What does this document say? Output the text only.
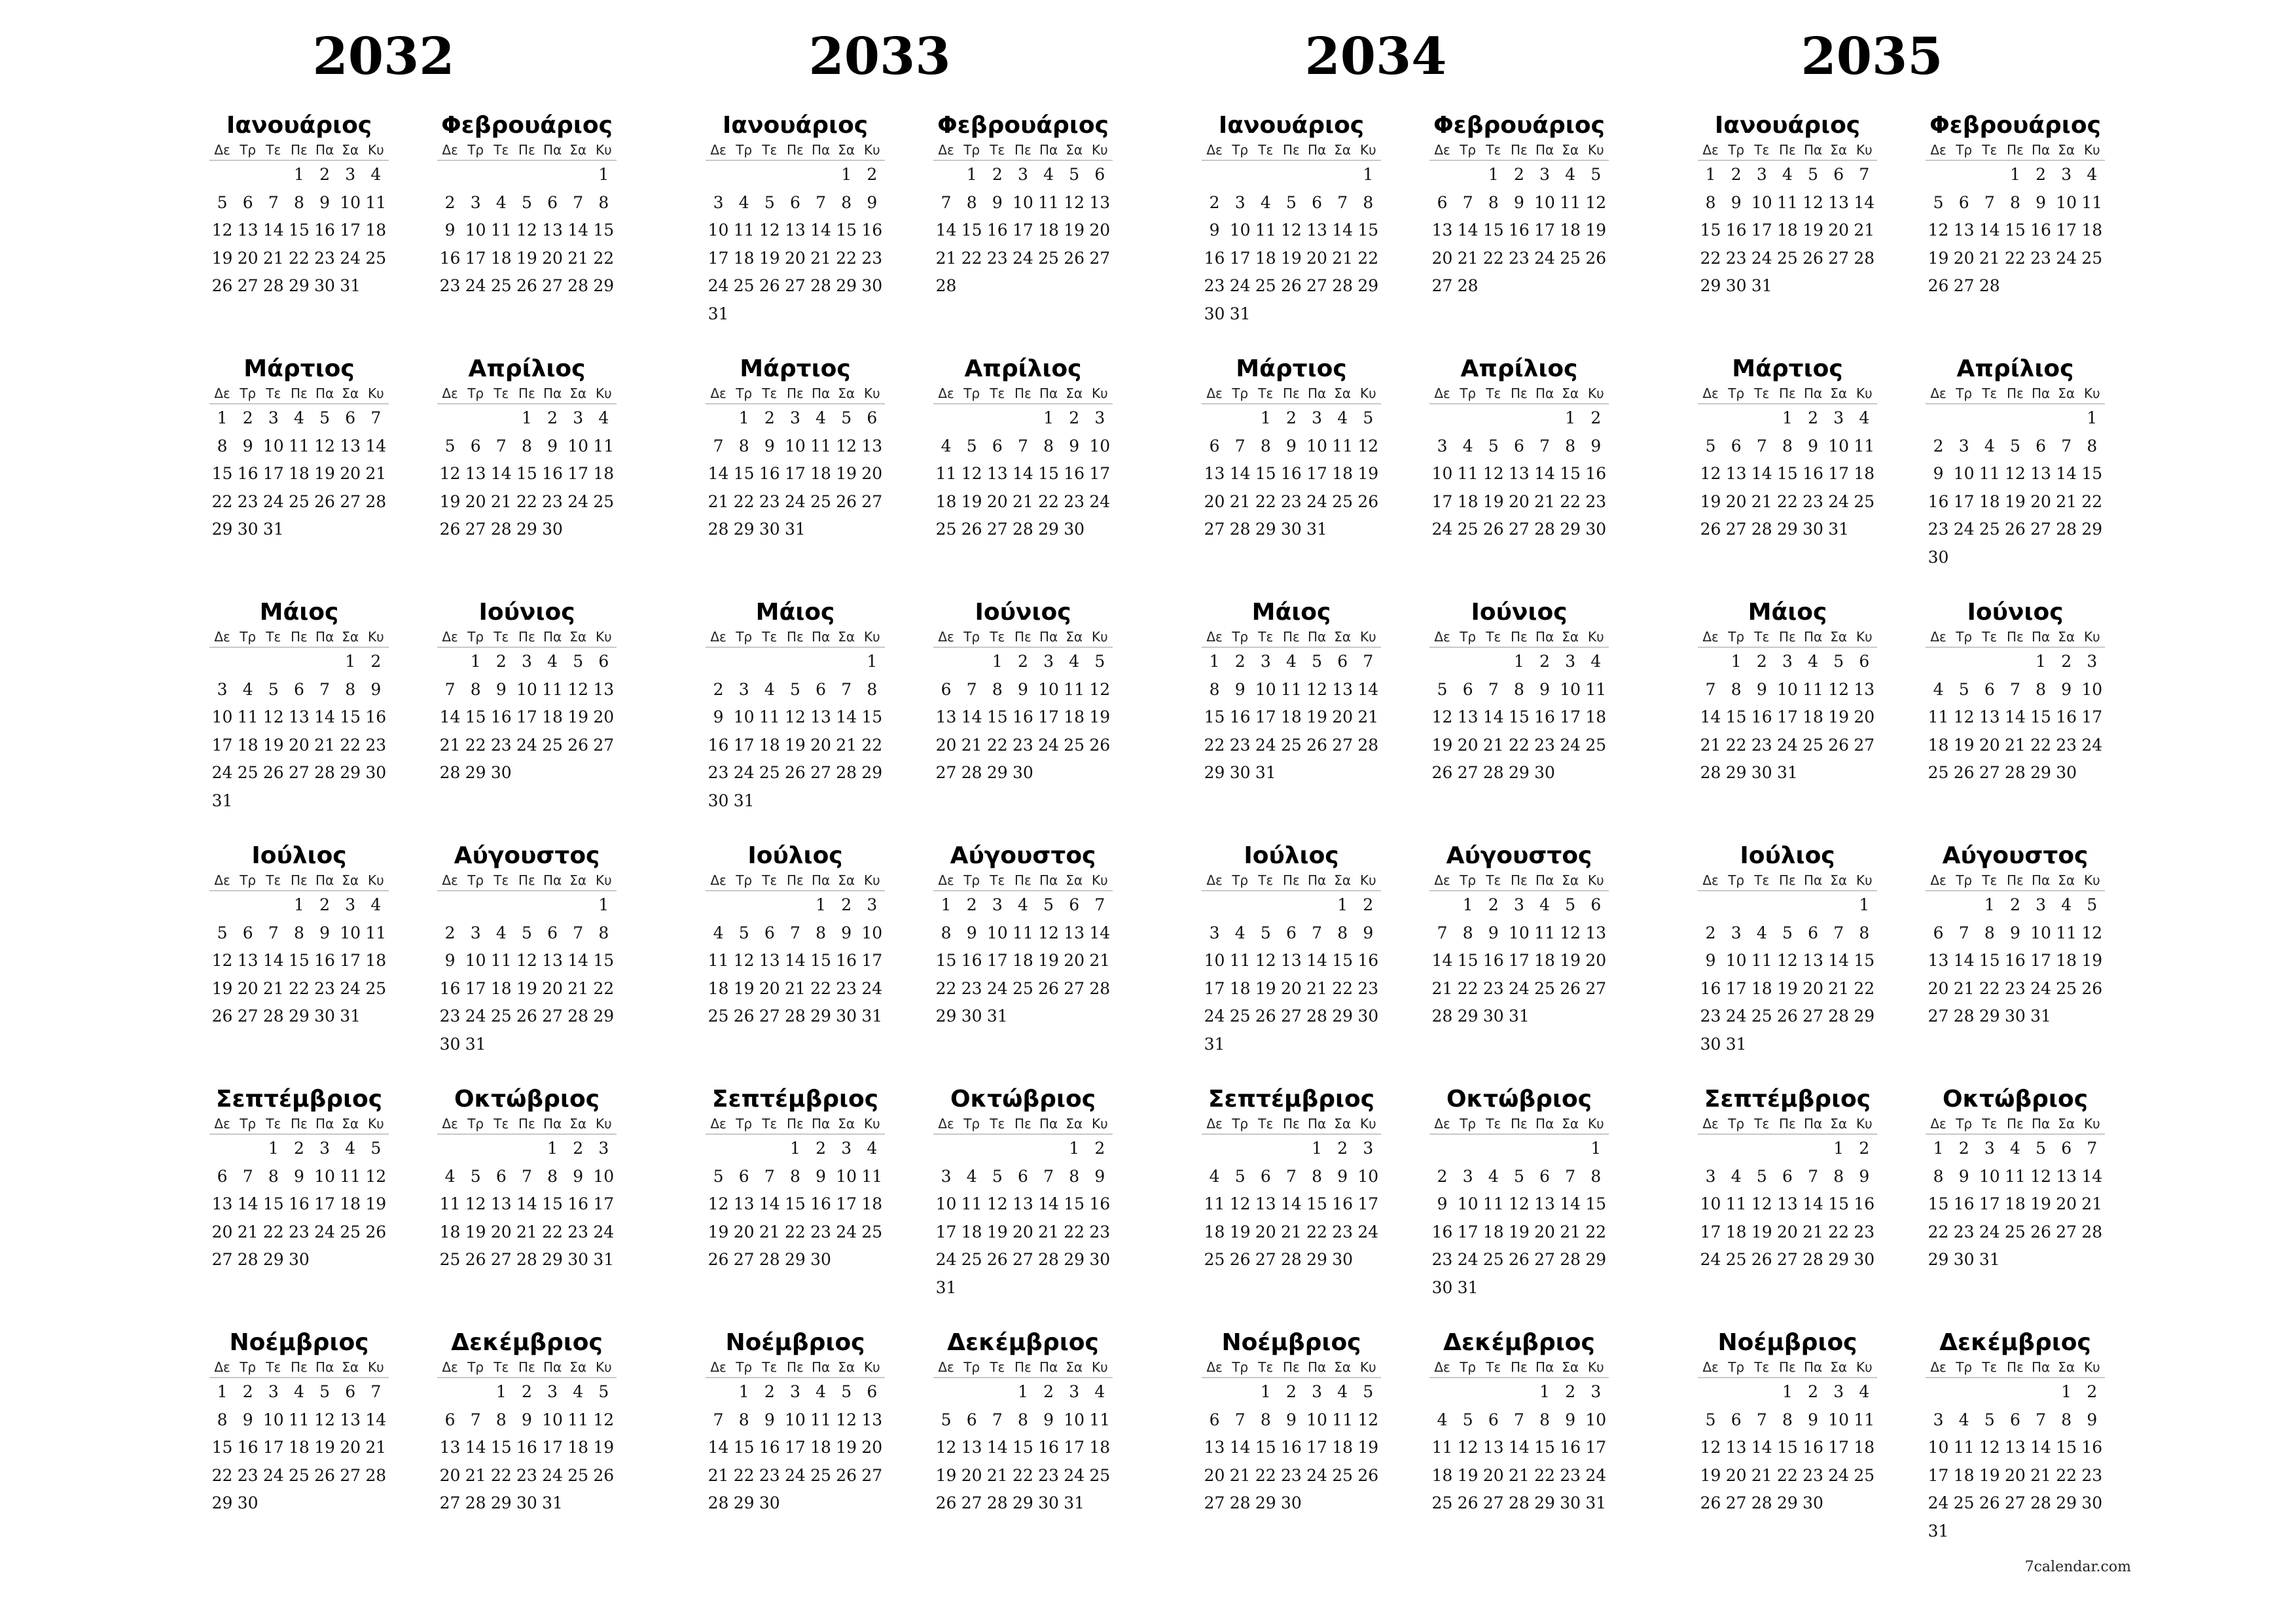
2032
Ιανουάριος
Δε Τρ Τε Πε Πα Σα Κυ
1 2 3 4
5 6 7 8 9 10 11
12 13 14 15 16 17 18
19 20 21 22 23 24 25
26 27 28 29 30 31
Φεβρουάριος
Δε Τρ Τε Πε Πα Σα Κυ
1
2 3 4 5 6 7 8
9 10 11 12 13 14 15
16 17 18 19 20 21 22
23 24 25 26 27 28 29
Μάρτιος
Δε Τρ Τε Πε Πα Σα Κυ
1 2 3 4 5 6 7
8 9 10 11 12 13 14
15 16 17 18 19 20 21
22 23 24 25 26 27 28
29 30 31
Απρίλιος
Δε Τρ Τε Πε Πα Σα Κυ
1 2 3 4
5 6 7 8 9 10 11
12 13 14 15 16 17 18
19 20 21 22 23 24 25
26 27 28 29 30
Μάιος
Δε Τρ Τε Πε Πα Σα Κυ
1 2
3 4 5 6 7 8 9
10 11 12 13 14 15 16
17 18 19 20 21 22 23
24 25 26 27 28 29 30
31
Ιούνιος
Δε Τρ Τε Πε Πα Σα Κυ
1 2 3 4 5 6
7 8 9 10 11 12 13
14 15 16 17 18 19 20
21 22 23 24 25 26 27
28 29 30
Ιούλιος
Δε Τρ Τε Πε Πα Σα Κυ
1 2 3 4
5 6 7 8 9 10 11
12 13 14 15 16 17 18
19 20 21 22 23 24 25
26 27 28 29 30 31
Αύγουστος
Δε Τρ Τε Πε Πα Σα Κυ
1
2 3 4 5 6 7 8
9 10 11 12 13 14 15
16 17 18 19 20 21 22
23 24 25 26 27 28 29
30 31
Σεπτέμβριος
Δε Τρ Τε Πε Πα Σα Κυ
1 2 3 4 5
6 7 8 9 10 11 12
13 14 15 16 17 18 19
20 21 22 23 24 25 26
27 28 29 30
Οκτώβριος
Δε Τρ Τε Πε Πα Σα Κυ
1 2 3
4 5 6 7 8 9 10
11 12 13 14 15 16 17
18 19 20 21 22 23 24
25 26 27 28 29 30 31
Νοέμβριος
Δε Τρ Τε Πε Πα Σα Κυ
1 2 3 4 5 6 7
8 9 10 11 12 13 14
15 16 17 18 19 20 21
22 23 24 25 26 27 28
29 30
Δεκέμβριος
Δε Τρ Τε Πε Πα Σα Κυ
1 2 3 4 5
6 7 8 9 10 11 12
13 14 15 16 17 18 19
20 21 22 23 24 25 26
27 28 29 30 31
2033
Ιανουάριος
Δε Τρ Τε Πε Πα Σα Κυ
1 2
3 4 5 6 7 8 9
10 11 12 13 14 15 16
17 18 19 20 21 22 23
24 25 26 27 28 29 30
31
Φεβρουάριος
Δε Τρ Τε Πε Πα Σα Κυ
1 2 3 4 5 6
7 8 9 10 11 12 13
14 15 16 17 18 19 20
21 22 23 24 25 26 27
28
Μάρτιος
Δε Τρ Τε Πε Πα Σα Κυ
1 2 3 4 5 6
7 8 9 10 11 12 13
14 15 16 17 18 19 20
21 22 23 24 25 26 27
28 29 30 31
Απρίλιος
Δε Τρ Τε Πε Πα Σα Κυ
1 2 3
4 5 6 7 8 9 10
11 12 13 14 15 16 17
18 19 20 21 22 23 24
25 26 27 28 29 30
Μάιος
Δε Τρ Τε Πε Πα Σα Κυ
1
2 3 4 5 6 7 8
9 10 11 12 13 14 15
16 17 18 19 20 21 22
23 24 25 26 27 28 29
30 31
Ιούνιος
Δε Τρ Τε Πε Πα Σα Κυ
1 2 3 4 5
6 7 8 9 10 11 12
13 14 15 16 17 18 19
20 21 22 23 24 25 26
27 28 29 30
Ιούλιος
Δε Τρ Τε Πε Πα Σα Κυ
1 2 3
4 5 6 7 8 9 10
11 12 13 14 15 16 17
18 19 20 21 22 23 24
25 26 27 28 29 30 31
Αύγουστος
Δε Τρ Τε Πε Πα Σα Κυ
1 2 3 4 5 6 7
8 9 10 11 12 13 14
15 16 17 18 19 20 21
22 23 24 25 26 27 28
29 30 31
Σεπτέμβριος
Δε Τρ Τε Πε Πα Σα Κυ
1 2 3 4
5 6 7 8 9 10 11
12 13 14 15 16 17 18
19 20 21 22 23 24 25
26 27 28 29 30
Οκτώβριος
Δε Τρ Τε Πε Πα Σα Κυ
1 2
3 4 5 6 7 8 9
10 11 12 13 14 15 16
17 18 19 20 21 22 23
24 25 26 27 28 29 30
31
Νοέμβριος
Δε Τρ Τε Πε Πα Σα Κυ
1 2 3 4 5 6
7 8 9 10 11 12 13
14 15 16 17 18 19 20
21 22 23 24 25 26 27
28 29 30
Δεκέμβριος
Δε Τρ Τε Πε Πα Σα Κυ
1 2 3 4
5 6 7 8 9 10 11
12 13 14 15 16 17 18
19 20 21 22 23 24 25
26 27 28 29 30 31
2034
Ιανουάριος
Δε Τρ Τε Πε Πα Σα Κυ
1
2 3 4 5 6 7 8
9 10 11 12 13 14 15
16 17 18 19 20 21 22
23 24 25 26 27 28 29
30 31
Φεβρουάριος
Δε Τρ Τε Πε Πα Σα Κυ
1 2 3 4 5
6 7 8 9 10 11 12
13 14 15 16 17 18 19
20 21 22 23 24 25 26
27 28
Μάρτιος
Δε Τρ Τε Πε Πα Σα Κυ
1 2 3 4 5
6 7 8 9 10 11 12
13 14 15 16 17 18 19
20 21 22 23 24 25 26
27 28 29 30 31
Απρίλιος
Δε Τρ Τε Πε Πα Σα Κυ
1 2
3 4 5 6 7 8 9
10 11 12 13 14 15 16
17 18 19 20 21 22 23
24 25 26 27 28 29 30
Μάιος
Δε Τρ Τε Πε Πα Σα Κυ
1 2 3 4 5 6 7
8 9 10 11 12 13 14
15 16 17 18 19 20 21
22 23 24 25 26 27 28
29 30 31
Ιούνιος
Δε Τρ Τε Πε Πα Σα Κυ
1 2 3 4
5 6 7 8 9 10 11
12 13 14 15 16 17 18
19 20 21 22 23 24 25
26 27 28 29 30
Ιούλιος
Δε Τρ Τε Πε Πα Σα Κυ
1 2
3 4 5 6 7 8 9
10 11 12 13 14 15 16
17 18 19 20 21 22 23
24 25 26 27 28 29 30
31
Αύγουστος
Δε Τρ Τε Πε Πα Σα Κυ
1 2 3 4 5 6
7 8 9 10 11 12 13
14 15 16 17 18 19 20
21 22 23 24 25 26 27
28 29 30 31
Σεπτέμβριος
Δε Τρ Τε Πε Πα Σα Κυ
1 2 3
4 5 6 7 8 9 10
11 12 13 14 15 16 17
18 19 20 21 22 23 24
25 26 27 28 29 30
Οκτώβριος
Δε Τρ Τε Πε Πα Σα Κυ
1
2 3 4 5 6 7 8
9 10 11 12 13 14 15
16 17 18 19 20 21 22
23 24 25 26 27 28 29
30 31
Νοέμβριος
Δε Τρ Τε Πε Πα Σα Κυ
1 2 3 4 5
6 7 8 9 10 11 12
13 14 15 16 17 18 19
20 21 22 23 24 25 26
27 28 29 30
Δεκέμβριος
Δε Τρ Τε Πε Πα Σα Κυ
1 2 3
4 5 6 7 8 9 10
11 12 13 14 15 16 17
18 19 20 21 22 23 24
25 26 27 28 29 30 31
2035
Ιανουάριος
Δε Τρ Τε Πε Πα Σα Κυ
1 2 3 4 5 6 7
8 9 10 11 12 13 14
15 16 17 18 19 20 21
22 23 24 25 26 27 28
29 30 31
Φεβρουάριος
Δε Τρ Τε Πε Πα Σα Κυ
1 2 3 4
5 6 7 8 9 10 11
12 13 14 15 16 17 18
19 20 21 22 23 24 25
26 27 28
Μάρτιος
Δε Τρ Τε Πε Πα Σα Κυ
1 2 3 4
5 6 7 8 9 10 11
12 13 14 15 16 17 18
19 20 21 22 23 24 25
26 27 28 29 30 31
Απρίλιος
Δε Τρ Τε Πε Πα Σα Κυ
1
2 3 4 5 6 7 8
9 10 11 12 13 14 15
16 17 18 19 20 21 22
23 24 25 26 27 28 29
30
Μάιος
Δε Τρ Τε Πε Πα Σα Κυ
1 2 3 4 5 6
7 8 9 10 11 12 13
14 15 16 17 18 19 20
21 22 23 24 25 26 27
28 29 30 31
Ιούνιος
Δε Τρ Τε Πε Πα Σα Κυ
1 2 3
4 5 6 7 8 9 10
11 12 13 14 15 16 17
18 19 20 21 22 23 24
25 26 27 28 29 30
Ιούλιος
Δε Τρ Τε Πε Πα Σα Κυ
1
2 3 4 5 6 7 8
9 10 11 12 13 14 15
16 17 18 19 20 21 22
23 24 25 26 27 28 29
30 31
Αύγουστος
Δε Τρ Τε Πε Πα Σα Κυ
1 2 3 4 5
6 7 8 9 10 11 12
13 14 15 16 17 18 19
20 21 22 23 24 25 26
27 28 29 30 31
Σεπτέμβριος
Δε Τρ Τε Πε Πα Σα Κυ
1 2
3 4 5 6 7 8 9
10 11 12 13 14 15 16
17 18 19 20 21 22 23
24 25 26 27 28 29 30
Οκτώβριος
Δε Τρ Τε Πε Πα Σα Κυ
1 2 3 4 5 6 7
8 9 10 11 12 13 14
15 16 17 18 19 20 21
22 23 24 25 26 27 28
29 30 31
Νοέμβριος
Δε Τρ Τε Πε Πα Σα Κυ
1 2 3 4
5 6 7 8 9 10 11
12 13 14 15 16 17 18
19 20 21 22 23 24 25
26 27 28 29 30
Δεκέμβριος
Δε Τρ Τε Πε Πα Σα Κυ
1 2
3 4 5 6 7 8 9
10 11 12 13 14 15 16
17 18 19 20 21 22 23
24 25 26 27 28 29 30
31
7calendar.com
